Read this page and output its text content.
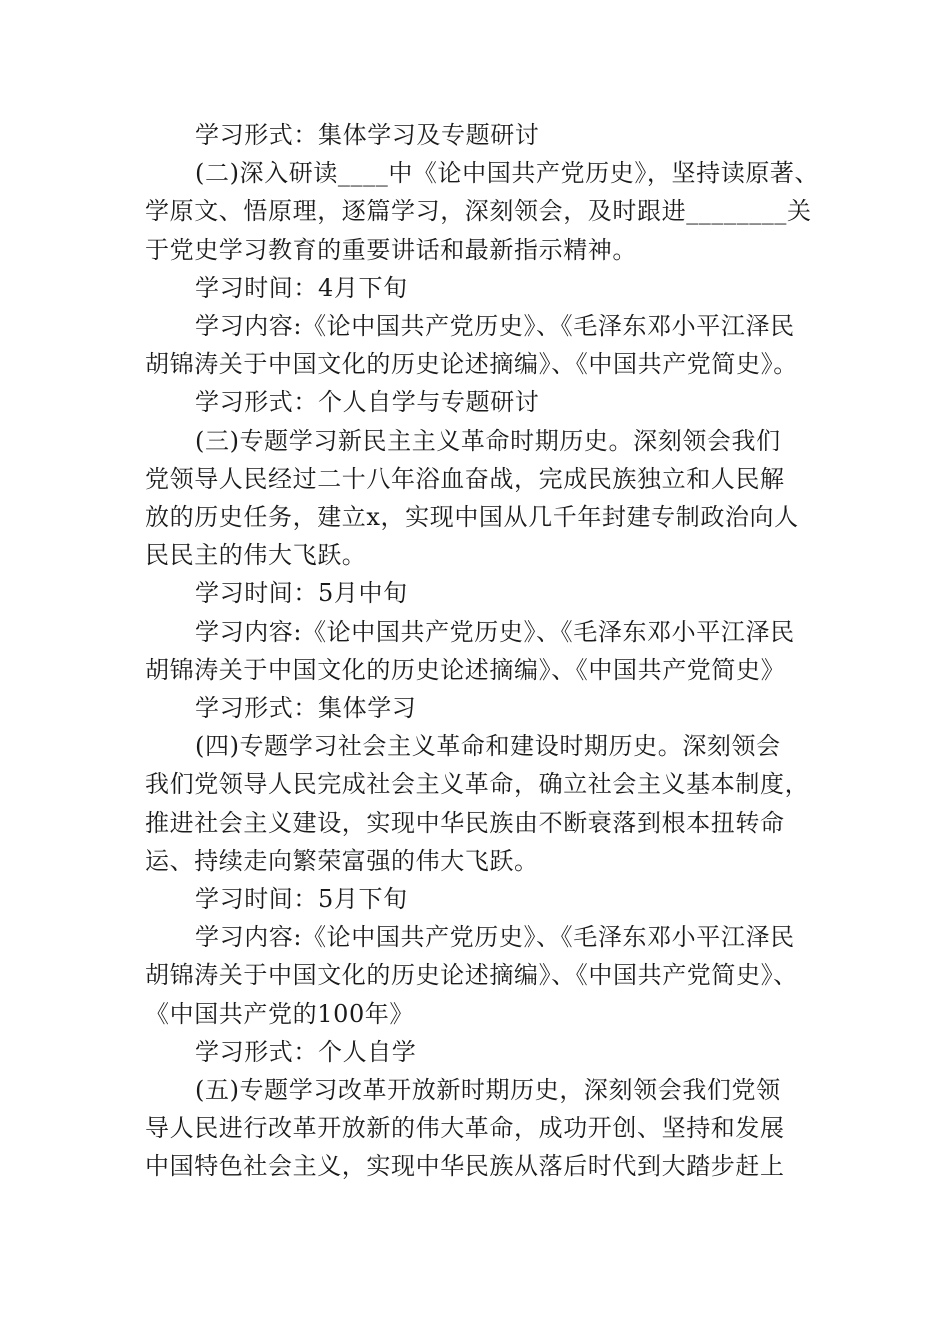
学习形式：集体学习及专题研讨
(二)深入研读____中《论中国共产党历史》，坚持读原著、
学原文、悟原理，逐篇学习，深刻领会，及时跟进________关
于党史学习教育的重要讲话和最新指示精神。
学习时间：4月下旬
学习内容:《论中国共产党历史》、《毛泽东邓小平江泽民
胡锦涛关于中国文化的历史论述摘编》、《中国共产党简史》。
学习形式：个人自学与专题研讨
(三)专题学习新民主主义革命时期历史。深刻领会我们
党领导人民经过二十八年浴血奋战，完成民族独立和人民解
放的历史任务，建立x，实现中国从几千年封建专制政治向人
民民主的伟大飞跃。
学习时间：5月中旬
学习内容:《论中国共产党历史》、《毛泽东邓小平江泽民
胡锦涛关于中国文化的历史论述摘编》、《中国共产党简史》
学习形式：集体学习
(四)专题学习社会主义革命和建设时期历史。深刻领会
我们党领导人民完成社会主义革命，确立社会主义基本制度，
推进社会主义建设，实现中华民族由不断衰落到根本扭转命
运、持续走向繁荣富强的伟大飞跃。
学习时间：5月下旬
学习内容:《论中国共产党历史》、《毛泽东邓小平江泽民
胡锦涛关于中国文化的历史论述摘编》、《中国共产党简史》、
《中国共产党的100年》
学习形式：个人自学
(五)专题学习改革开放新时期历史，深刻领会我们党领
导人民进行改革开放新的伟大革命，成功开创、坚持和发展
中国特色社会主义，实现中华民族从落后时代到大踏步赶上
